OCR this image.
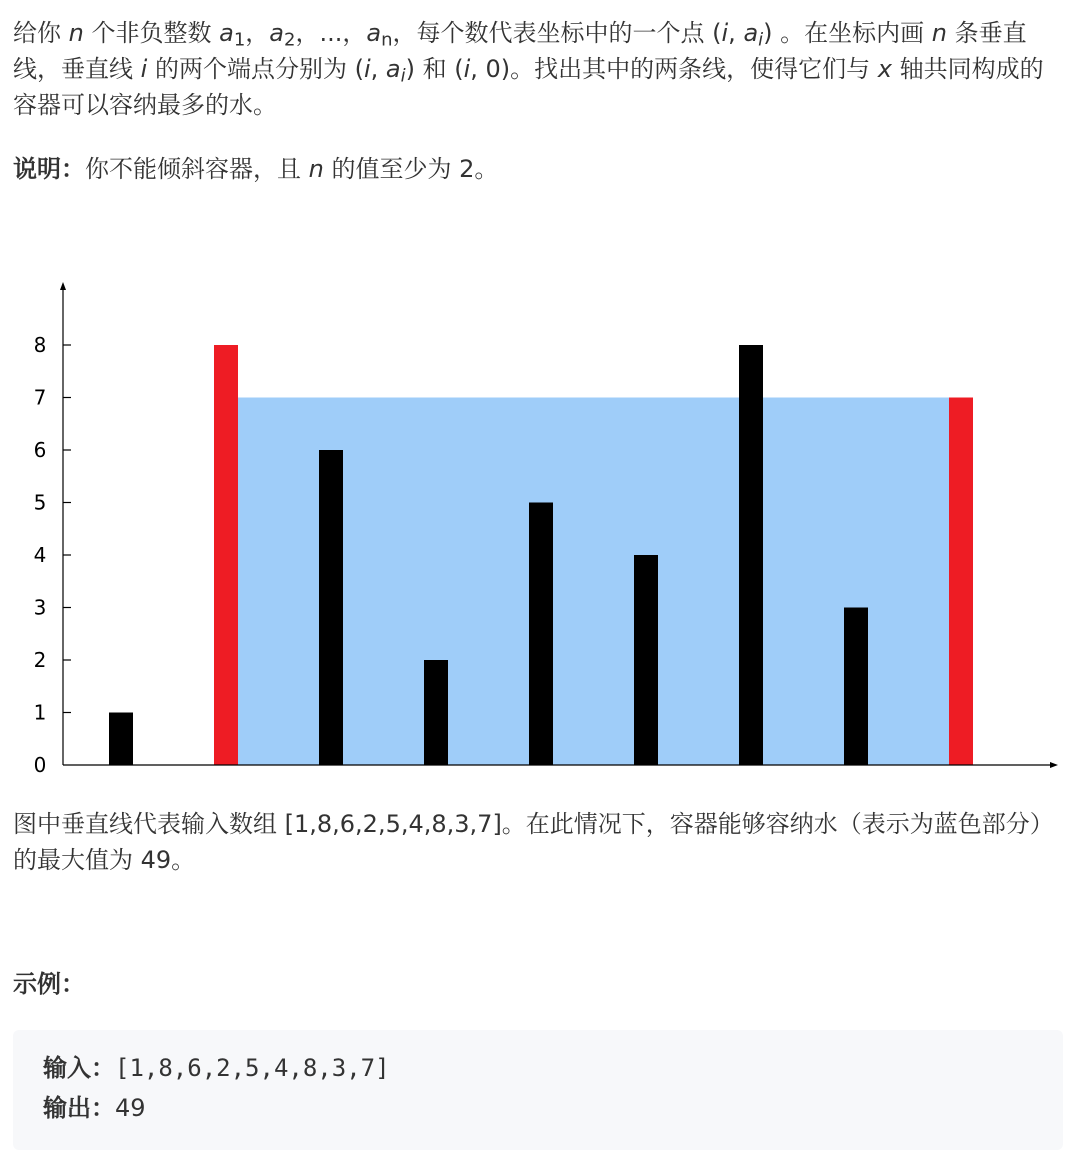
给你 n 个非负整数 $a_1$，$a_2$，...，$a_n$，每个数代表坐标中的一个点 (i, $a_i$) 。在坐标内画 n 条垂直线，垂直线 i 的两个端点分别为 (i, $a_i$) 和 (i, 0)。找出其中的两条线，使得它们与 x 轴共同构成的容器可以容纳最多的水。

说明：你不能倾斜容器，且 n 的值至少为 2。

0
1
2
3
4
5
6
7
8

图中垂直线代表输入数组 [1,8,6,2,5,4,8,3,7]。在此情况下，容器能够容纳水（表示为蓝色部分）的最大值为 49。

示例：

输入：[1,8,6,2,5,4,8,3,7]
输出：49
